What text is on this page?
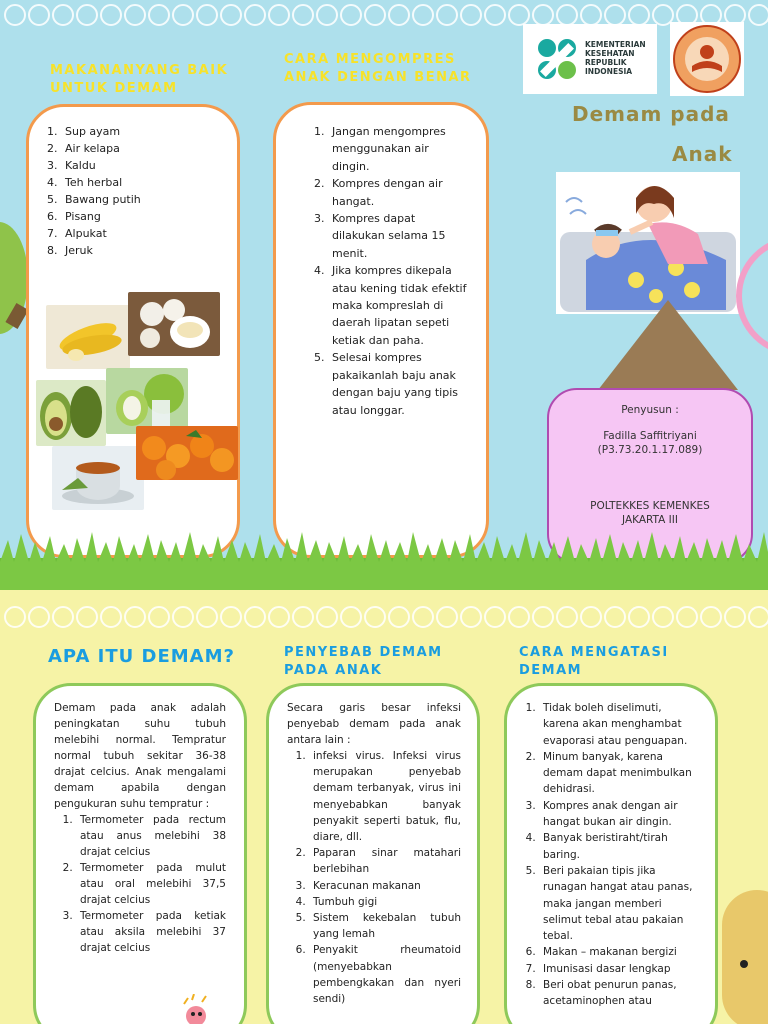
MAKANANYANG BAIK UNTUK DEMAM
1. Sup ayam
2. Air kelapa
3. Kaldu
4. Teh herbal
5. Bawang putih
6. Pisang
7. Alpukat
8. Jeruk
CARA MENGOMPRES ANAK DENGAN BENAR
1. Jangan mengompres menggunakan air dingin.
2. Kompres dengan air hangat.
3. Kompres dapat dilakukan selama 15 menit.
4. Jika kompres dikepala atau kening tidak efektif maka kompreslah di daerah lipatan sepeti ketiak dan paha.
5. Selesai kompres pakaikanlah baju anak dengan baju yang tipis atau longgar.
KEMENTERIAN
KESEHATAN
REPUBLIK
INDONESIA
Demam pada
Anak
Penyusun :
Fadilla Saffitriyani
(P3.73.20.1.17.089)
POLTEKKES KEMENKES
JAKARTA III
APA ITU DEMAM?

Demam pada anak adalah peningkatan suhu tubuh melebihi normal. Tempratur normal tubuh sekitar 36-38 drajat celcius. Anak mengalami demam apabila dengan pengukuran suhu tempratur :

1. Termometer pada rectum atau anus melebihi 38 drajat celcius
2. Termometer pada mulut atau oral melebihi 37,5 drajat celcius
3. Termometer pada ketiak atau aksila melebihi 37 drajat celcius
PENYEBAB DEMAM PADA ANAK

Secara garis besar infeksi penyebab demam pada anak antara lain :

1. infeksi virus. Infeksi virus merupakan penyebab demam terbanyak, virus ini menyebabkan banyak penyakit seperti batuk, flu, diare, dll.
2. Paparan sinar matahari berlebihan
3. Keracunan makanan
4. Tumbuh gigi
5. Sistem kekebalan tubuh yang lemah
6. Penyakit rheumatoid (menyebabkan pembengkakan dan nyeri sendi)
CARA MENGATASI DEMAM
1. Tidak boleh diselimuti, karena akan menghambat evaporasi atau penguapan.
2. Minum banyak, karena demam dapat menimbulkan dehidrasi.
3. Kompres anak dengan air hangat bukan air dingin.
4. Banyak beristiraht/tirah baring.
5. Beri pakaian tipis jika runagan hangat atau panas, maka jangan memberi selimut tebal atau pakaian tebal.
6. Makan – makanan bergizi
7. Imunisasi dasar lengkap
8. Beri obat penurun panas, acetaminophen atau
